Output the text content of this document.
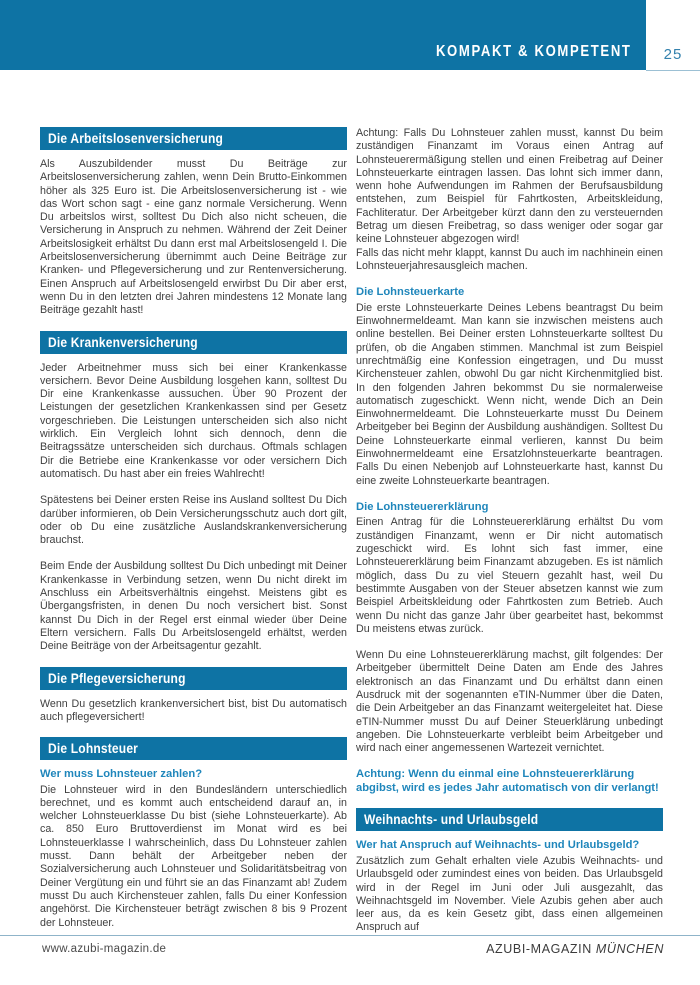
KOMPAKT & KOMPETENT	25
Die Arbeitslosenversicherung

Als Auszubildender musst Du Beiträge zur Arbeitslosenversicherung zahlen, wenn Dein Brutto-Einkommen höher als 325 Euro ist. Die Arbeitslosenversicherung ist - wie das Wort schon sagt - eine ganz normale Versicherung. Wenn Du arbeitslos wirst, solltest Du Dich also nicht scheuen, die Versicherung in Anspruch zu nehmen. Während der Zeit Deiner Arbeitslosigkeit erhältst Du dann erst mal Arbeitslosengeld I. Die Arbeitslosenversicherung übernimmt auch Deine Beiträge zur Kranken- und Pflegeversicherung und zur Rentenversicherung. Einen Anspruch auf Arbeitslosengeld erwirbst Du Dir aber erst, wenn Du in den letzten drei Jahren mindestens 12 Monate lang Beiträge gezahlt hast!

Die Krankenversicherung

Jeder Arbeitnehmer muss sich bei einer Krankenkasse versichern. Bevor Deine Ausbildung losgehen kann, solltest Du Dir eine Krankenkasse aussuchen. Über 90 Prozent der Leistungen der gesetzlichen Krankenkassen sind per Gesetz vorgeschrieben. Die Leistungen unterscheiden sich also nicht wirklich. Ein Vergleich lohnt sich dennoch, denn die Beitragssätze unterscheiden sich durchaus. Oftmals schlagen Dir die Betriebe eine Krankenkasse vor oder versichern Dich automatisch. Du hast aber ein freies Wahlrecht!

Spätestens bei Deiner ersten Reise ins Ausland solltest Du Dich darüber informieren, ob Dein Versicherungsschutz auch dort gilt, oder ob Du eine zusätzliche Auslandskrankenversicherung brauchst.

Beim Ende der Ausbildung solltest Du Dich unbedingt mit Deiner Krankenkasse in Verbindung setzen, wenn Du nicht direkt im Anschluss ein Arbeitsverhältnis eingehst. Meistens gibt es Übergangsfristen, in denen Du noch versichert bist. Sonst kannst Du Dich in der Regel erst einmal wieder über Deine Eltern versichern. Falls Du Arbeitslosengeld erhältst, werden Deine Beiträge von der Arbeitsagentur gezahlt.

Die Pflegeversicherung

Wenn Du gesetzlich krankenversichert bist, bist Du automatisch auch pflegeversichert!

Die Lohnsteuer
Wer muss Lohnsteuer zahlen?

Die Lohnsteuer wird in den Bundesländern unterschiedlich berechnet, und es kommt auch entscheidend darauf an, in welcher Lohnsteuerklasse Du bist (siehe Lohnsteuerkarte). Ab ca. 850 Euro Bruttoverdienst im Monat wird es bei Lohnsteuerklasse I wahrscheinlich, dass Du Lohnsteuer zahlen musst. Dann behält der Arbeitgeber neben der Sozialversicherung auch Lohnsteuer und Solidaritätsbeitrag von Deiner Vergütung ein und führt sie an das Finanzamt ab! Zudem musst Du auch Kirchensteuer zahlen, falls Du einer Konfession angehörst. Die Kirchensteuer beträgt zwischen 8 bis 9 Prozent der Lohnsteuer.

Achtung: Falls Du Lohnsteuer zahlen musst, kannst Du beim zuständigen Finanzamt im Voraus einen Antrag auf Lohnsteuerermäßigung stellen und einen Freibetrag auf Deiner Lohnsteuerkarte eintragen lassen. Das lohnt sich immer dann, wenn hohe Aufwendungen im Rahmen der Berufsausbildung entstehen, zum Beispiel für Fahrtkosten, Arbeitskleidung, Fachliteratur. Der Arbeitgeber kürzt dann den zu versteuernden Betrag um diesen Freibetrag, so dass weniger oder sogar gar keine Lohnsteuer abgezogen wird!

Falls das nicht mehr klappt, kannst Du auch im nachhinein einen Lohnsteuerjahresausgleich machen.

Die Lohnsteuerkarte

Die erste Lohnsteuerkarte Deines Lebens beantragst Du beim Einwohnermeldeamt. Man kann sie inzwischen meistens auch online bestellen. Bei Deiner ersten Lohnsteuerkarte solltest Du prüfen, ob die Angaben stimmen. Manchmal ist zum Beispiel unrechtmäßig eine Konfession eingetragen, und Du musst Kirchensteuer zahlen, obwohl Du gar nicht Kirchenmitglied bist. In den folgenden Jahren bekommst Du sie normalerweise automatisch zugeschickt. Wenn nicht, wende Dich an Dein Einwohnermeldeamt. Die Lohnsteuerkarte musst Du Deinem Arbeitgeber bei Beginn der Ausbildung aushändigen. Solltest Du Deine Lohnsteuerkarte einmal verlieren, kannst Du beim Einwohnermeldeamt eine Ersatzlohnsteuerkarte beantragen. Falls Du einen Nebenjob auf Lohnsteuerkarte hast, kannst Du eine zweite Lohnsteuerkarte beantragen.

Die Lohnsteuererklärung

Einen Antrag für die Lohnsteuererklärung erhältst Du vom zuständigen Finanzamt, wenn er Dir nicht automatisch zugeschickt wird. Es lohnt sich fast immer, eine Lohnsteuererklärung beim Finanzamt abzugeben. Es ist nämlich möglich, dass Du zu viel Steuern gezahlt hast, weil Du bestimmte Ausgaben von der Steuer absetzen kannst wie zum Beispiel Arbeitskleidung oder Fahrtkosten zum Betrieb. Auch wenn Du nicht das ganze Jahr über gearbeitet hast, bekommst Du meistens etwas zurück.

Wenn Du eine Lohnsteuererklärung machst, gilt folgendes: Der Arbeitgeber übermittelt Deine Daten am Ende des Jahres elektronisch an das Finanzamt und Du erhältst dann einen Ausdruck mit der sogenannten eTIN-Nummer über die Daten, die Dein Arbeitgeber an das Finanzamt weitergeleitet hat. Diese eTIN-Nummer musst Du auf Deiner Steuerklärung unbedingt angeben. Die Lohnsteuerkarte verbleibt beim Arbeitgeber und wird nach einer angemessenen Wartezeit vernichtet.

Achtung: Wenn du einmal eine Lohnsteuererklärung abgibst, wird es jedes Jahr automatisch von dir verlangt!

Weihnachts- und Urlaubsgeld
Wer hat Anspruch auf Weihnachts- und Urlaubsgeld?

Zusätzlich zum Gehalt erhalten viele Azubis Weihnachts- und Urlaubsgeld oder zumindest eines von beiden. Das Urlaubsgeld wird in der Regel im Juni oder Juli ausgezahlt, das Weihnachtsgeld im November. Viele Azubis gehen aber auch leer aus, da es kein Gesetz gibt, dass einen allgemeinen Anspruch auf

www.azubi-magazin.de	AZUBI-MAGAZIN MÜNCHEN
